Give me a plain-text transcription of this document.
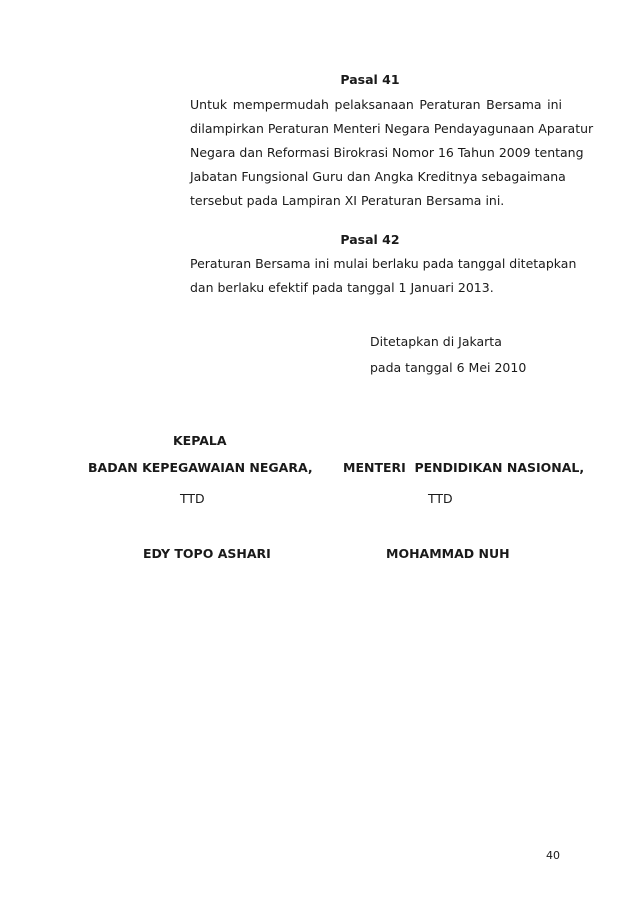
Pasal 41

Untuk mempermudah pelaksanaan Peraturan Bersama ini
dilampirkan Peraturan Menteri Negara Pendayagunaan Aparatur
Negara dan Reformasi Birokrasi Nomor 16 Tahun 2009 tentang
Jabatan Fungsional Guru dan Angka Kreditnya sebagaimana
tersebut pada Lampiran XI Peraturan Bersama ini.

Pasal 42

Peraturan Bersama ini mulai berlaku pada tanggal ditetapkan
dan berlaku efektif pada tanggal 1 Januari 2013.

Ditetapkan di Jakarta

pada tanggal 6 Mei 2010

KEPALA

BADAN KEPEGAWAIAN NEGARA,

TTD

EDY TOPO ASHARI

MENTERI  PENDIDIKAN NASIONAL,

TTD

MOHAMMAD NUH

40
